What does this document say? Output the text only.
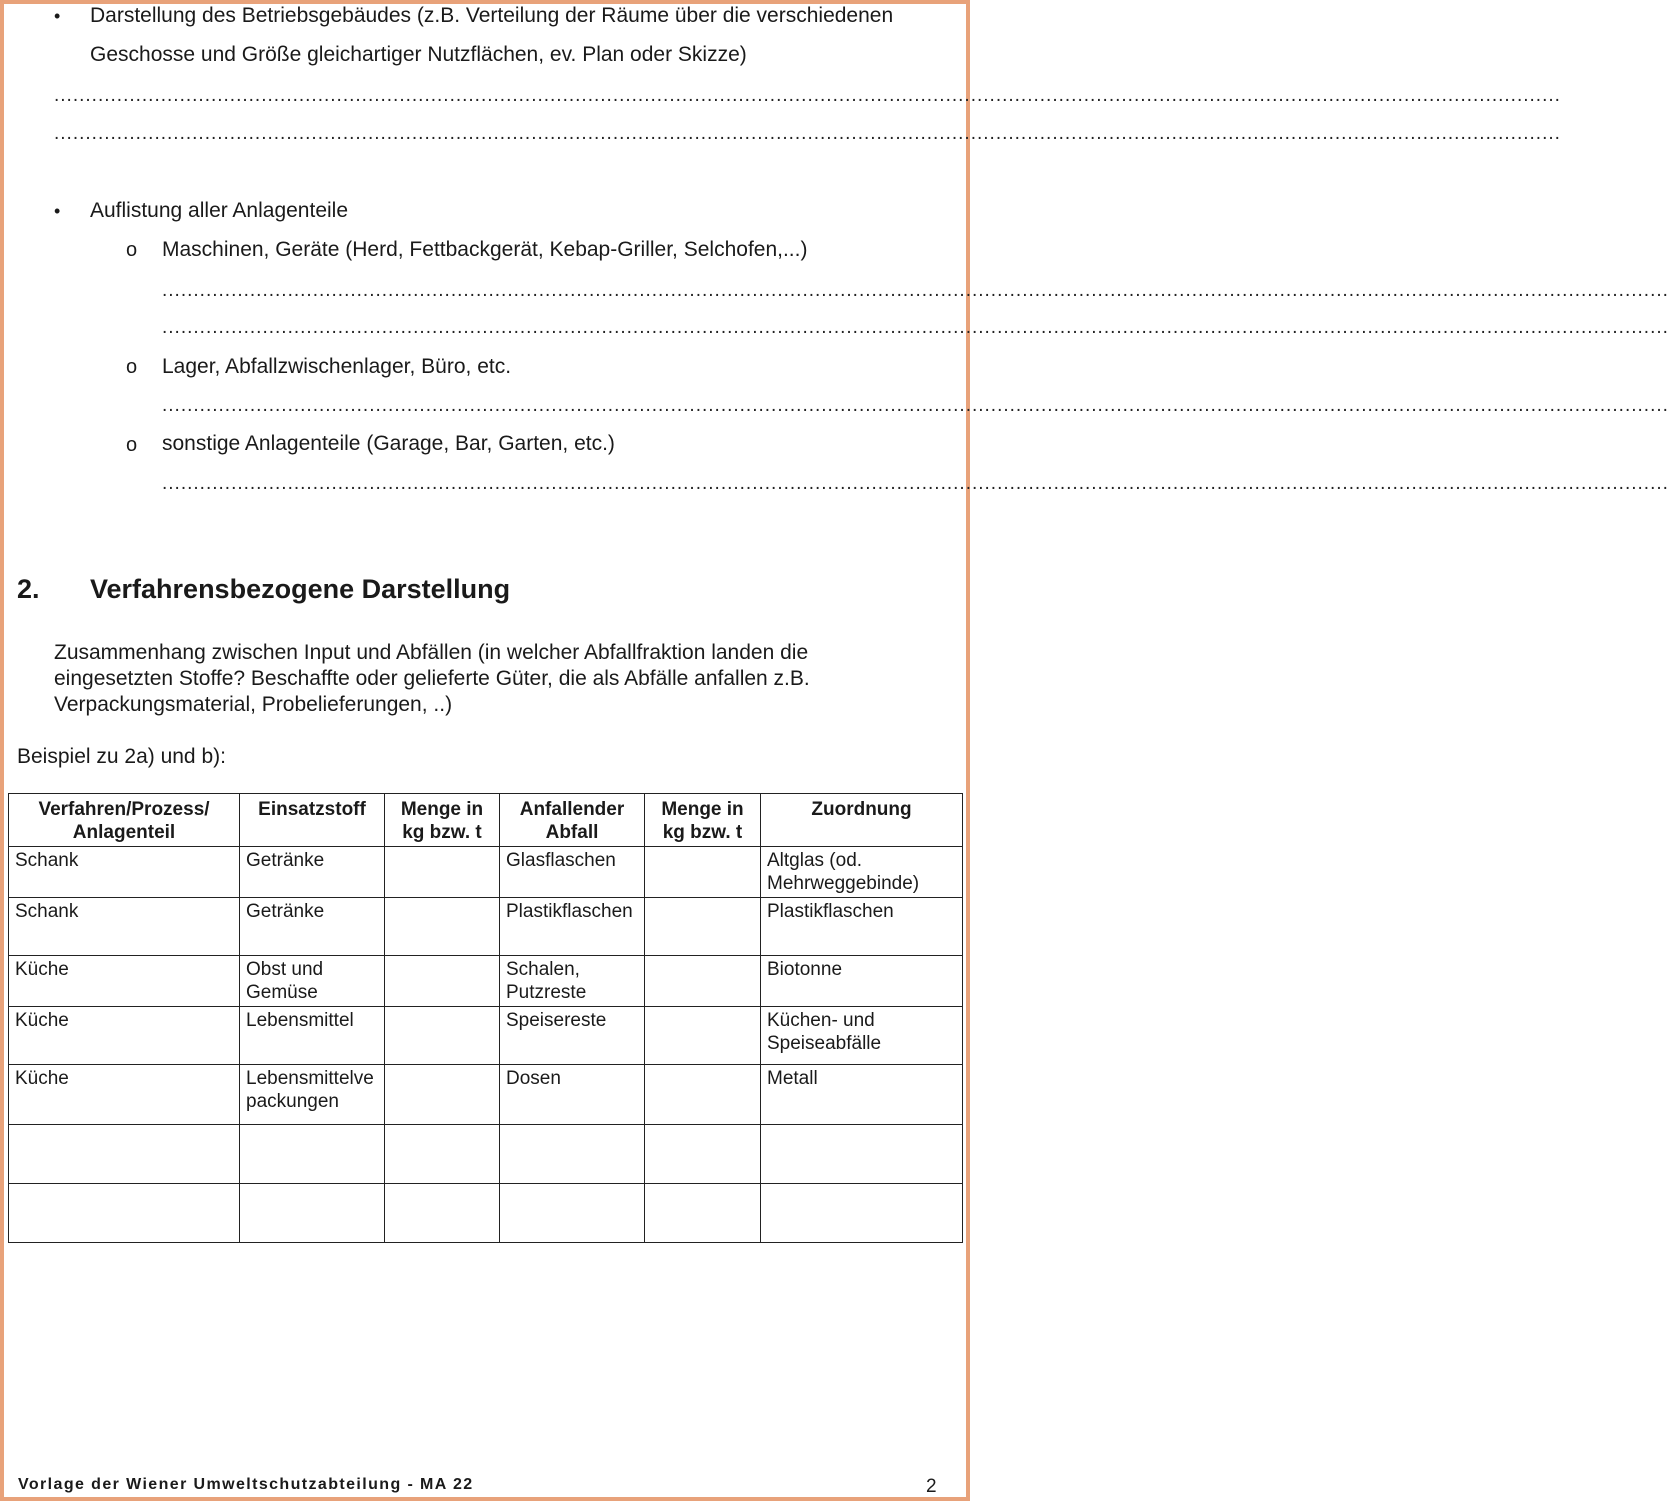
• Darstellung des Betriebsgebäudes (z.B. Verteilung der Räume über die verschiedenen
Geschosse und Größe gleichartiger Nutzflächen, ev. Plan oder Skizze)
................................................................................................................................................................................................................................................
................................................................................................................................................................................................................................................
• Auflistung aller Anlagenteile
o Maschinen, Geräte (Herd, Fettbackgerät, Kebap-Griller, Selchofen,...)
................................................................................................................................................................................................................................................
................................................................................................................................................................................................................................................
o Lager, Abfallzwischenlager, Büro, etc.
................................................................................................................................................................................................................................................
o sonstige Anlagenteile (Garage, Bar, Garten, etc.)
................................................................................................................................................................................................................................................
2. Verfahrensbezogene Darstellung
Zusammenhang zwischen Input und Abfällen (in welcher Abfallfraktion landen die
eingesetzten Stoffe? Beschaffte oder gelieferte Güter, die als Abfälle anfallen z.B.
Verpackungsmaterial, Probelieferungen, ..)
Beispiel zu 2a) und b):
Verfahren/Prozess/
Anlagenteil	Einsatzstoff	Menge in
kg bzw. t	Anfallender
Abfall	Menge in
kg bzw. t	Zuordnung

Schank	Getränke		Glasflaschen		Altglas (od.
Mehrweggebinde)
Schank	Getränke		Plastikflaschen		Plastikflaschen
Küche	Obst und
Gemüse		Schalen,
Putzreste		Biotonne
Küche	Lebensmittel		Speisereste		Küchen- und
Speiseabfälle
Küche	Lebensmittelve
packungen		Dosen		Metall

Vorlage der Wiener Umweltschutzabteilung - MA 22	2
